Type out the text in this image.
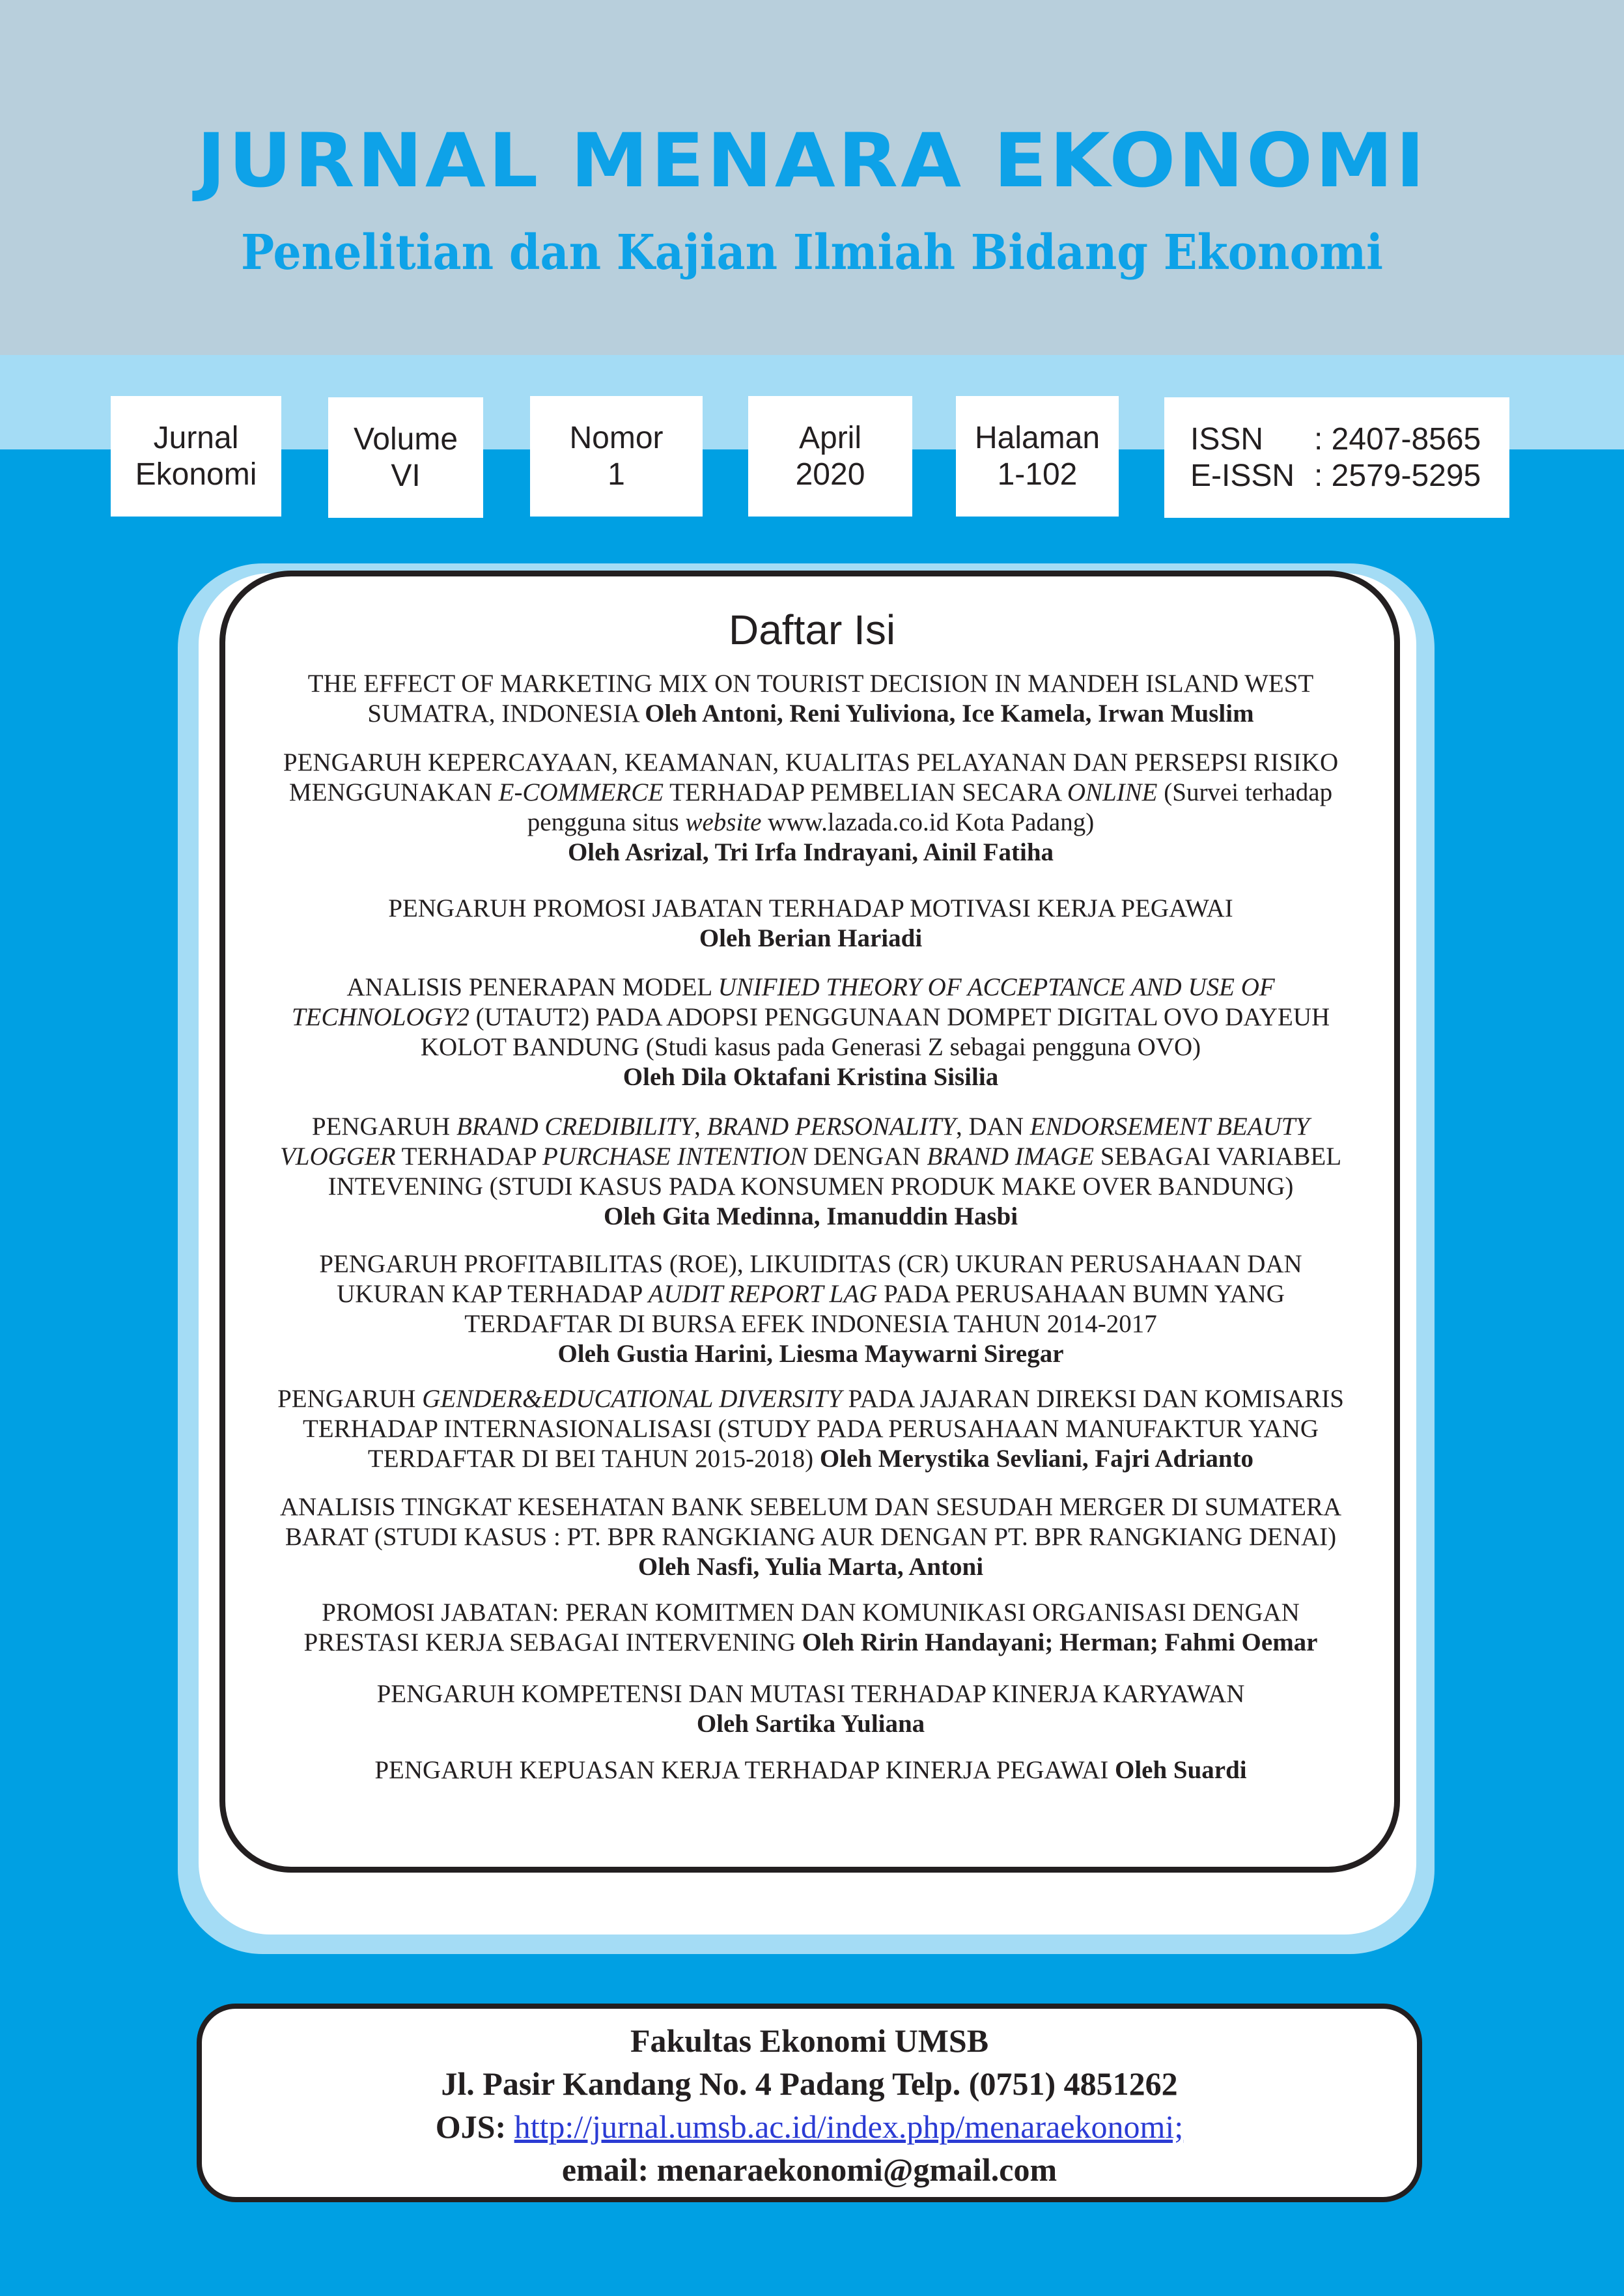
JURNAL MENARA EKONOMI
Penelitian dan Kajian Ilmiah Bidang Ekonomi
Jurnal
Ekonomi
Volume
VI
Nomor
1
April
2020
Halaman
1-102
ISSN	: 2407-8565
E-ISSN : 2579-5295
Daftar Isi
THE EFFECT OF MARKETING MIX ON TOURIST DECISION IN MANDEH ISLAND WEST
SUMATRA, INDONESIA Oleh Antoni, Reni Yuliviona, Ice Kamela, Irwan Muslim
PENGARUH KEPERCAYAAN, KEAMANAN, KUALITAS PELAYANAN DAN PERSEPSI RISIKO
MENGGUNAKAN E-COMMERCE TERHADAP PEMBELIAN SECARA ONLINE (Survei terhadap
pengguna situs website www.lazada.co.id Kota Padang)
Oleh Asrizal, Tri Irfa Indrayani, Ainil Fatiha
PENGARUH PROMOSI JABATAN TERHADAP MOTIVASI KERJA PEGAWAI
Oleh Berian Hariadi
ANALISIS PENERAPAN MODEL UNIFIED THEORY OF ACCEPTANCE AND USE OF
TECHNOLOGY2 (UTAUT2) PADA ADOPSI PENGGUNAAN DOMPET DIGITAL OVO DAYEUH
KOLOT BANDUNG (Studi kasus pada Generasi Z sebagai pengguna OVO)
Oleh Dila Oktafani Kristina Sisilia
PENGARUH BRAND CREDIBILITY, BRAND PERSONALITY, DAN ENDORSEMENT BEAUTY
VLOGGER TERHADAP PURCHASE INTENTION DENGAN BRAND IMAGE SEBAGAI VARIABEL
INTEVENING (STUDI KASUS PADA KONSUMEN PRODUK MAKE OVER BANDUNG)
Oleh Gita Medinna, Imanuddin Hasbi
PENGARUH PROFITABILITAS (ROE), LIKUIDITAS (CR) UKURAN PERUSAHAAN DAN
UKURAN KAP TERHADAP AUDIT REPORT LAG PADA PERUSAHAAN BUMN YANG
TERDAFTAR DI BURSA EFEK INDONESIA TAHUN 2014-2017
Oleh Gustia Harini, Liesma Maywarni Siregar
PENGARUH GENDER&EDUCATIONAL DIVERSITY PADA JAJARAN DIREKSI DAN KOMISARIS
TERHADAP INTERNASIONALISASI (STUDY PADA PERUSAHAAN MANUFAKTUR YANG
TERDAFTAR DI BEI TAHUN 2015-2018) Oleh Merystika Sevliani, Fajri Adrianto
ANALISIS TINGKAT KESEHATAN BANK SEBELUM DAN SESUDAH MERGER DI SUMATERA
BARAT (STUDI KASUS : PT. BPR RANGKIANG AUR DENGAN PT. BPR RANGKIANG DENAI)
Oleh Nasfi, Yulia Marta, Antoni
PROMOSI JABATAN: PERAN KOMITMEN DAN KOMUNIKASI ORGANISASI DENGAN
PRESTASI KERJA SEBAGAI INTERVENING Oleh Ririn Handayani; Herman; Fahmi Oemar
PENGARUH KOMPETENSI DAN MUTASI TERHADAP KINERJA KARYAWAN
Oleh Sartika Yuliana
PENGARUH KEPUASAN KERJA TERHADAP KINERJA PEGAWAI Oleh Suardi
Fakultas Ekonomi UMSB
Jl. Pasir Kandang No. 4 Padang Telp. (0751) 4851262
OJS: http://jurnal.umsb.ac.id/index.php/menaraekonomi;
email: menaraekonomi@gmail.com
